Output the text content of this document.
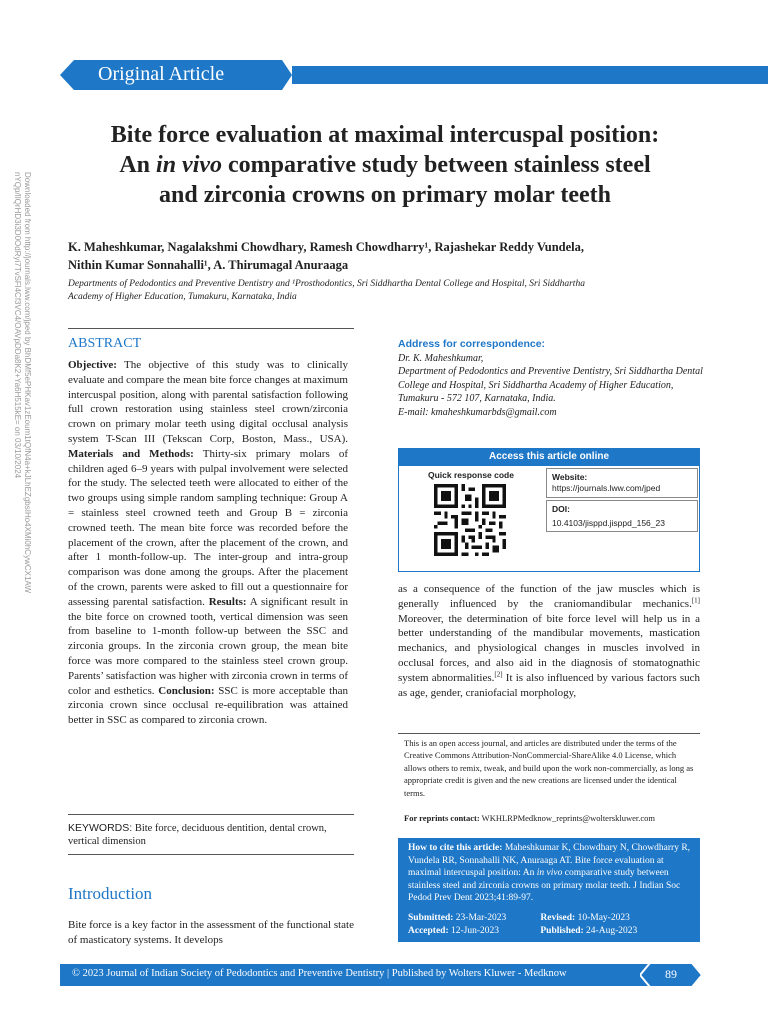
Original Article
Downloaded from http://journals.lww.com/jped by BhDMf5ePHKav1zEoum1tQfN4a+kJLhEZgbsIHo4XMi0hCywCX1AW
nYQp/IlQrHD3i3D0OdRyi7TvSFl4Cf3VC4/OAVpDDa8K2+Ya6H515kE= on 03/10/2024
Bite force evaluation at maximal intercuspal position:
An in vivo comparative study between stainless steel
and zirconia crowns on primary molar teeth
K. Maheshkumar, Nagalakshmi Chowdhary, Ramesh Chowdharry¹, Rajashekar Reddy Vundela,
Nithin Kumar Sonnahalli¹, A. Thirumagal Anuraaga
Departments of Pedodontics and Preventive Dentistry and ¹Prosthodontics, Sri Siddhartha Dental College and Hospital, Sri Siddhartha
Academy of Higher Education, Tumakuru, Karnataka, India
ABSTRACT
Objective: The objective of this study was to clinically evaluate and compare the mean bite force changes at maximum intercuspal position, along with parental satisfaction following full crown restoration using stainless steel crown/zirconia crown on primary molar teeth using digital occlusal analysis system T-Scan III (Tekscan Corp, Boston, Mass., USA). Materials and Methods: Thirty-six primary molars of children aged 6–9 years with pulpal involvement were selected for the study. The selected teeth were allocated to either of the two groups using simple random sampling technique: Group A = stainless steel crowned teeth and Group B = zirconia crowned teeth. The mean bite force was recorded before the placement of the crown, after the placement of the crown, and after 1 month-follow-up. The inter-group and intra-group comparison was done among the groups. After the placement of the crown, parents were asked to fill out a questionnaire for assessing parental satisfaction. Results: A significant result in the bite force on crowned tooth, vertical dimension was seen from baseline to 1-month follow-up between the SSC and zirconia groups. In the zirconia crown group, the mean bite force was more compared to the stainless steel crown group. Parents’ satisfaction was higher with zirconia crown in terms of color and esthetics. Conclusion: SSC is more acceptable than zirconia crown since occlusal re-equilibration was attained better in SSC as compared to zirconia crown.
KEYWORDS: Bite force, deciduous dentition, dental crown, vertical dimension
Introduction
Bite force is a key factor in the assessment of the functional state of masticatory systems. It develops
Address for correspondence:
Dr. K. Maheshkumar,
Department of Pedodontics and Preventive Dentistry, Sri Siddhartha Dental College and Hospital, Sri Siddhartha Academy of Higher Education, Tumakuru - 572 107, Karnataka, India.
E-mail: kmaheshkumarbds@gmail.com
Access this article online
Quick response code	Website:
https://journals.lww.com/jped
DOI:
10.4103/jisppd.jisppd_156_23
as a consequence of the function of the jaw muscles which is generally influenced by the craniomandibular mechanics.[1] Moreover, the determination of bite force level will help us in a better understanding of the mandibular movements, mastication mechanics, and physiological changes in muscles involved in occlusal forces, and also aid in the diagnosis of stomatognathic system abnormalities.[2] It is also influenced by various factors such as age, gender, craniofacial morphology,
This is an open access journal, and articles are distributed under the terms of the Creative Commons Attribution-NonCommercial-ShareAlike 4.0 License, which allows others to remix, tweak, and build upon the work non-commercially, as long as appropriate credit is given and the new creations are licensed under the identical terms.
For reprints contact: WKHLRPMedknow_reprints@wolterskluwer.com
How to cite this article: Maheshkumar K, Chowdhary N, Chowdharry R, Vundela RR, Sonnahalli NK, Anuraaga AT. Bite force evaluation at maximal intercuspal position: An in vivo comparative study between stainless steel and zirconia crowns on primary molar teeth. J Indian Soc Pedod Prev Dent 2023;41:89-97.
Submitted: 23-Mar-2023	Revised: 10-May-2023
Accepted: 12-Jun-2023	Published: 24-Aug-2023
© 2023 Journal of Indian Society of Pedodontics and Preventive Dentistry | Published by Wolters Kluwer - Medknow	89
